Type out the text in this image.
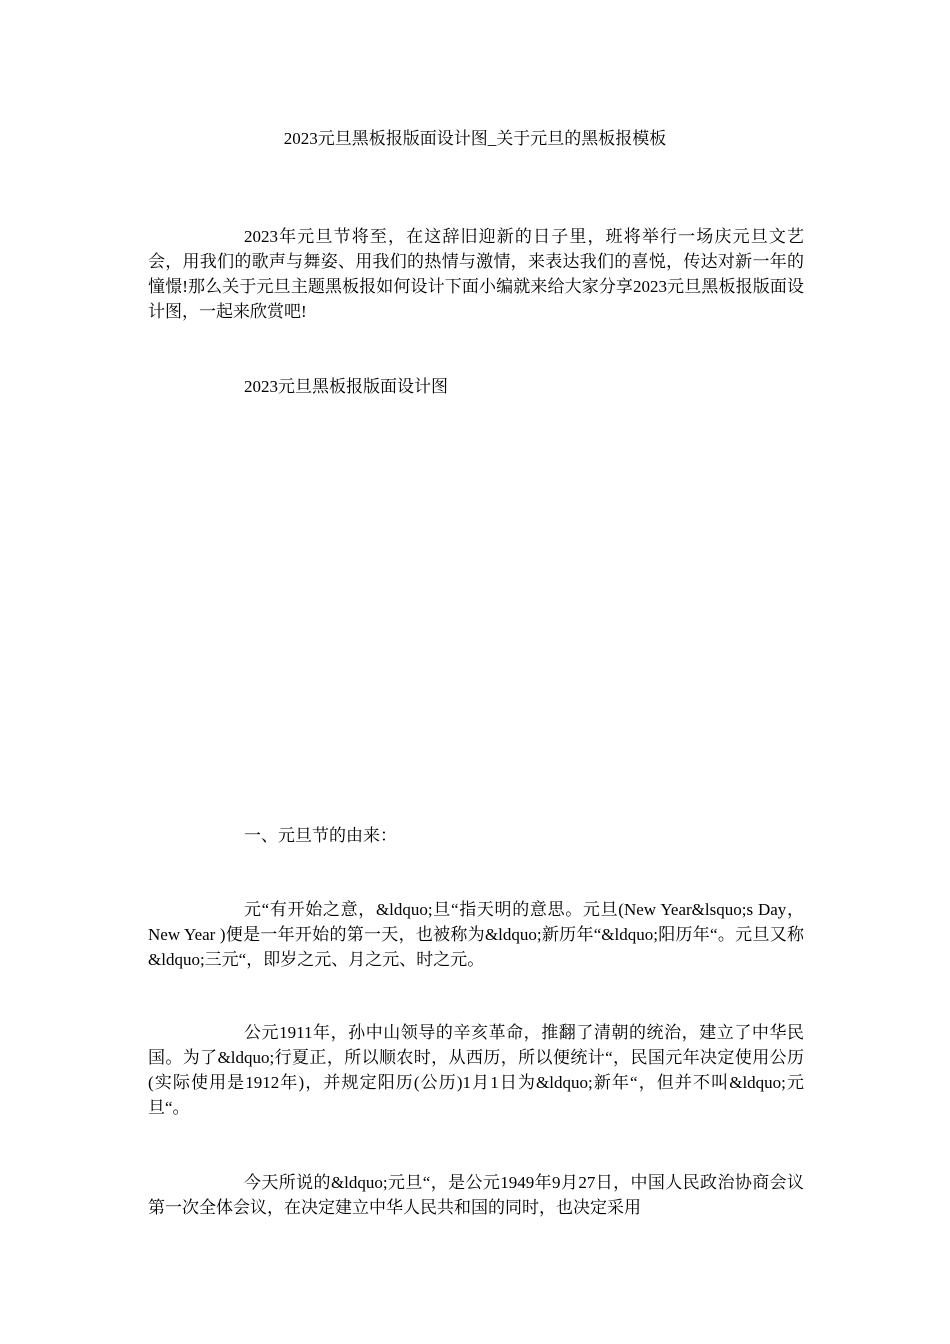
2023元旦黑板报版面设计图_关于元旦的黑板报模板

2023年元旦节将至，在这辞旧迎新的日子里，班将举行一场庆元旦文艺会，用我们的歌声与舞姿、用我们的热情与激情，来表达我们的喜悦，传达对新一年的憧憬!那么关于元旦主题黑板报如何设计下面小编就来给大家分享2023元旦黑板报版面设计图，一起来欣赏吧!

2023元旦黑板报版面设计图

一、元旦节的由来：

元“有开始之意，&ldquo;旦“指天明的意思。元旦(New Year&lsquo;s Day，New Year )便是一年开始的第一天，也被称为&ldquo;新历年“&ldquo;阳历年“。元旦又称&ldquo;三元“，即岁之元、月之元、时之元。

公元1911年，孙中山领导的辛亥革命，推翻了清朝的统治，建立了中华民国。为了&ldquo;行夏正，所以顺农时，从西历，所以便统计“，民国元年决定使用公历(实际使用是1912年)，并规定阳历(公历)1月1日为&ldquo;新年“，但并不叫&ldquo;元旦“。

今天所说的&ldquo;元旦“，是公元1949年9月27日，中国人民政治协商会议第一次全体会议，在决定建立中华人民共和国的同时，也决定采用
